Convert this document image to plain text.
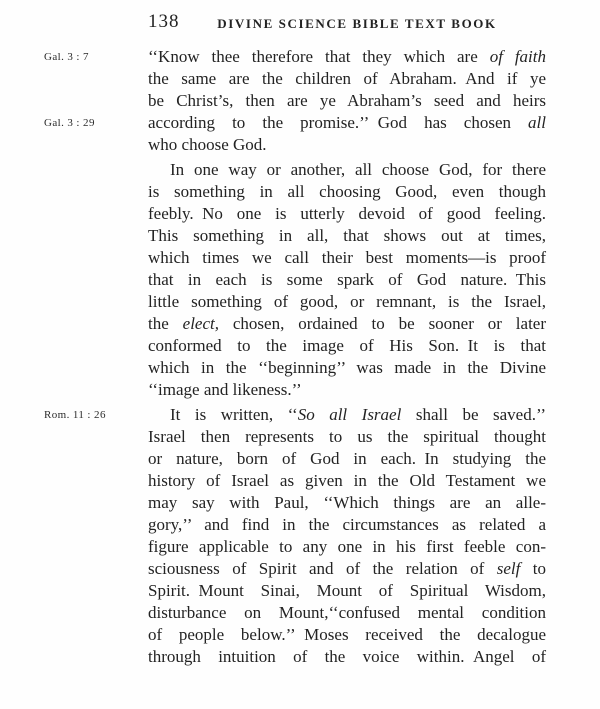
138	DIVINE SCIENCE BIBLE TEXT BOOK
Gal. 3 : 7	‘‘Know thee therefore that they which are of faith
the same are the children of Abraham. And if ye
be Christ’s, then are ye Abraham’s seed and heirs
Gal. 3 : 29	according to the promise.’’ God has chosen all
who choose God.
In one way or another, all choose God, for there
is something in all choosing Good, even though
feebly. No one is utterly devoid of good feeling.
This something in all, that shows out at times,
which times we call their best moments—is proof
that in each is some spark of God nature. This
little something of good, or remnant, is the Israel,
the elect, chosen, ordained to be sooner or later
conformed to the image of His Son. It is that
which in the ‘‘beginning’’ was made in the Divine
‘‘image and likeness.’’
Rom. 11 : 26	It is written, ‘‘So all Israel shall be saved.’’
Israel then represents to us the spiritual thought
or nature, born of God in each. In studying the
history of Israel as given in the Old Testament we
may say with Paul, ‘‘Which things are an alle-
gory,’’ and find in the circumstances as related a
figure applicable to any one in his first feeble con-
sciousness of Spirit and of the relation of self to
Spirit. Mount Sinai, Mount of Spiritual Wisdom,
disturbance on Mount,‘‘confused mental condition
of people below.’’ Moses received the decalogue
through intuition of the voice within. Angel of
